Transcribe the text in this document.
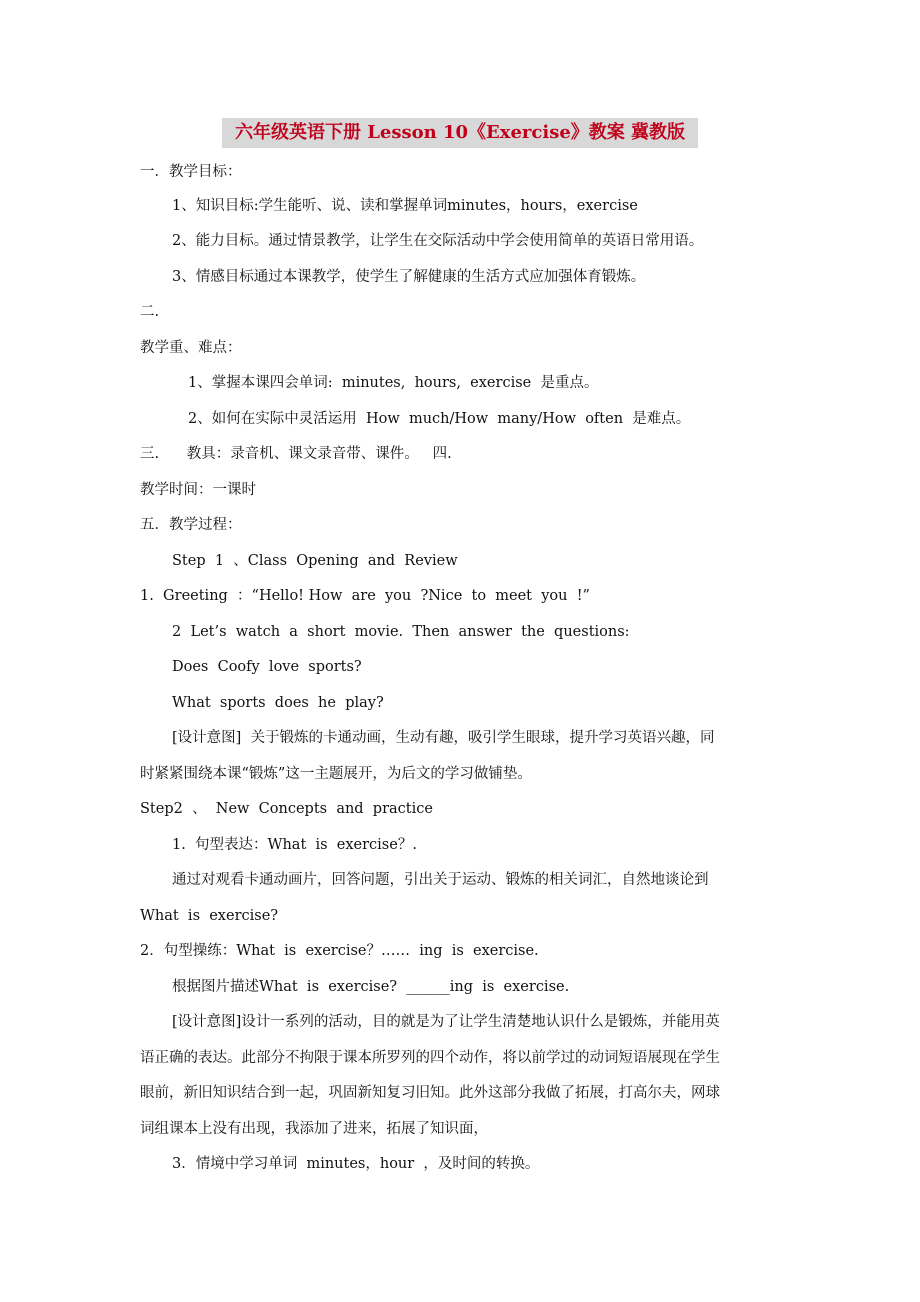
六年级英语下册 Lesson 10《Exercise》教案 冀教版
一．教学目标：
1、知识目标:学生能听、说、读和掌握单词minutes，hours，exercise
2、能力目标。通过情景教学，让学生在交际活动中学会使用简单的英语日常用语。
3、情感目标通过本课教学，使学生了解健康的生活方式应加强体育锻炼。
二.
教学重、难点：
1、掌握本课四会单词:  minutes,  hours,  exercise  是重点。
2、如何在实际中灵活运用  How  much/How  many/How  often  是难点。
三.      教具：录音机、课文录音带、课件。   四.
教学时间：一课时
五．教学过程：
Step  1  、Class  Opening  and  Review
1.  Greeting  ：“Hello! How  are  you  ?Nice  to  meet  you  !”
2  Let’s  watch  a  short  movie.  Then  answer  the  questions:
Does  Coofy  love  sports?
What  sports  does  he  play?
[设计意图]  关于锻炼的卡通动画，生动有趣，吸引学生眼球，提升学习英语兴趣，同
时紧紧围绕本课“锻炼”这一主题展开，为后文的学习做铺垫。
Step2  、  New  Concepts  and  practice
1.  句型表达：What  is  exercise？.
通过对观看卡通动画片，回答问题，引出关于运动、锻炼的相关词汇，自然地谈论到
What  is  exercise?
2．句型操练：What  is  exercise？……  ing  is  exercise.
根据图片描述What  is  exercise?  ______ing  is  exercise.
[设计意图]设计一系列的活动，目的就是为了让学生清楚地认识什么是锻炼，并能用英
语正确的表达。此部分不拘限于课本所罗列的四个动作，将以前学过的动词短语展现在学生
眼前，新旧知识结合到一起，巩固新知复习旧知。此外这部分我做了拓展，打高尔夫，网球
词组课本上没有出现，我添加了进来，拓展了知识面，
3．情境中学习单词  minutes，hour  ，及时间的转换。
